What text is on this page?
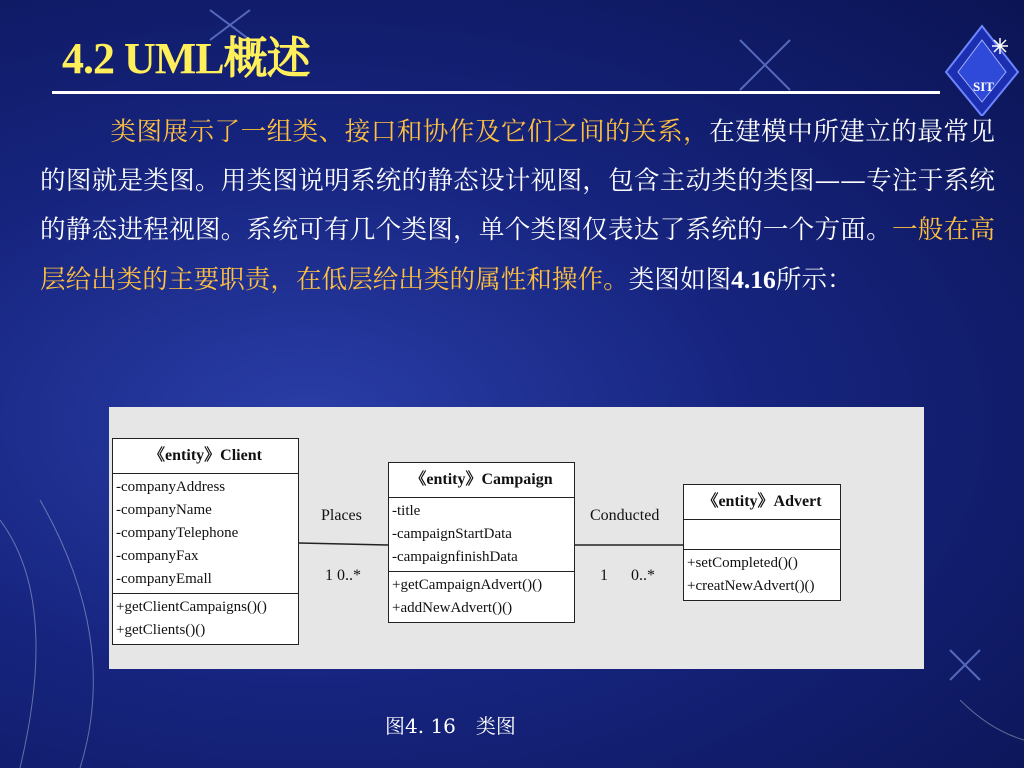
4.2 UML概述
SIT

类图展示了一组类、接口和协作及它们之间的关系，在建模中所建立的最常见的图就是类图。用类图说明系统的静态设计视图，包含主动类的类图——专注于系统的静态进程视图。系统可有几个类图，单个类图仅表达了系统的一个方面。一般在高层给出类的主要职责，在低层给出类的属性和操作。类图如图4.16所示：

《entity》Client
-companyAddress
-companyName
-companyTelephone
-companyFax
-companyEmall
+getClientCampaigns()()
+getClients()()
《entity》Campaign
-title
-campaignStartData
-campaignfinishData
+getCampaignAdvert()()
+addNewAdvert()()
《entity》Advert
+setCompleted()()
+creatNewAdvert()()
Places
1 0..*
Conducted
1 0..*
图4. 16　类图
